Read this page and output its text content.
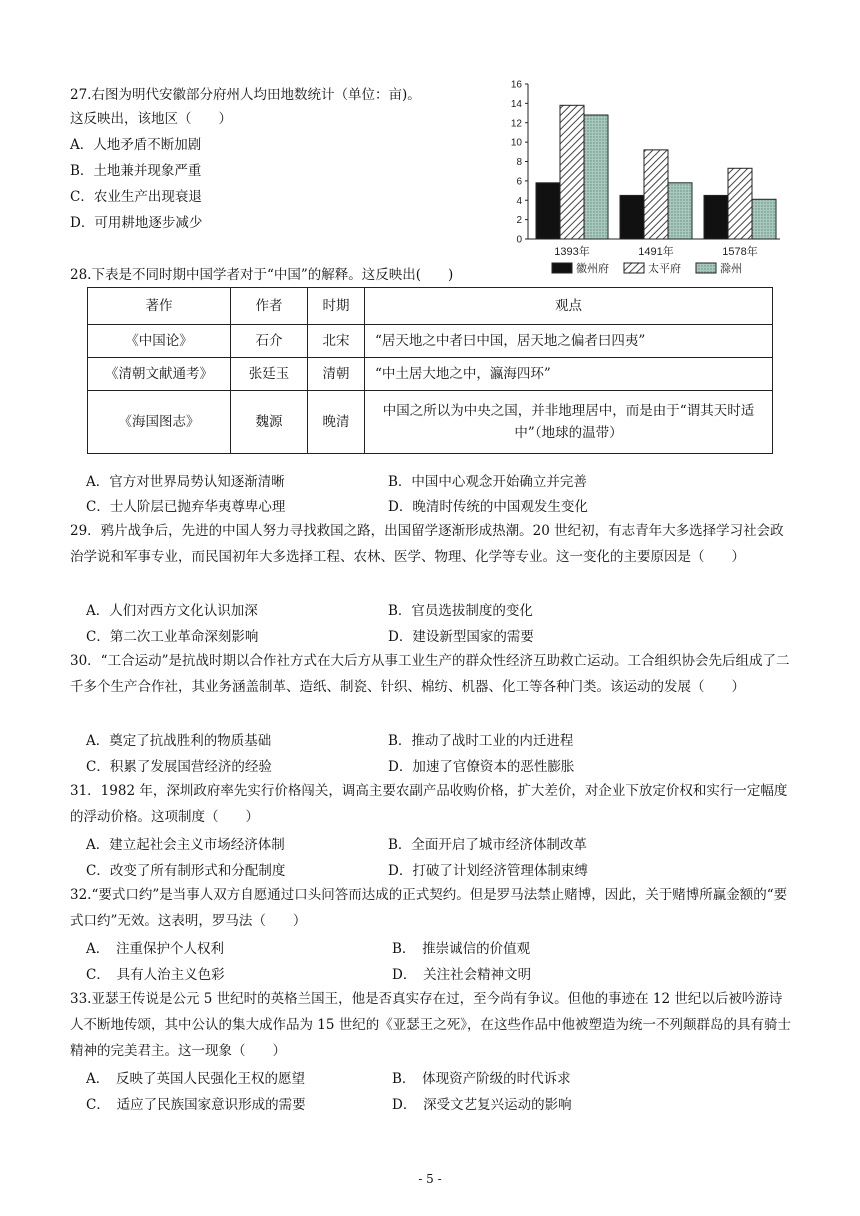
27.右图为明代安徽部分府州人均田地数统计（单位：亩)。
这反映出，该地区（　　）
A．人地矛盾不断加剧
B．土地兼并现象严重
C．农业生产出现衰退
D．可用耕地逐步减少
0
2
4
6
8
10
12
14
16
1393年	1491年	1578年
徽州府	太平府	滁州
28.下表是不同时期中国学者对于“中国”的解释。这反映出(　　)
著作	作者	时期	观点
《中国论》	石介	北宋	“居天地之中者曰中国，居天地之偏者曰四夷”
《清朝文献通考》	张廷玉	清朝	“中土居大地之中，瀛海四环”
《海国图志》	魏源	晚清	中国之所以为中央之国，并非地理居中，而是由于“谓其天时适中”（地球的温带）
A．官方对世界局势认知逐渐清晰	B．中国中心观念开始确立并完善
C．士人阶层已抛弃华夷尊卑心理	D．晚清时传统的中国观发生变化
29．鸦片战争后，先进的中国人努力寻找救国之路，出国留学逐渐形成热潮。20 世纪初，有志青年大多选择学习社会政治学说和军事专业，而民国初年大多选择工程、农林、医学、物理、化学等专业。这一变化的主要原因是（　　）
A．人们对西方文化认识加深	B．官员选拔制度的变化
C．第二次工业革命深刻影响	D．建设新型国家的需要
30．“工合运动”是抗战时期以合作社方式在大后方从事工业生产的群众性经济互助救亡运动。工合组织协会先后组成了二千多个生产合作社，其业务涵盖制革、造纸、制瓷、针织、棉纺、机器、化工等各种门类。该运动的发展（　　）
A．奠定了抗战胜利的物质基础	B．推动了战时工业的内迁进程
C．积累了发展国营经济的经验	D．加速了官僚资本的恶性膨胀
31．1982 年，深圳政府率先实行价格闯关，调高主要农副产品收购价格，扩大差价，对企业下放定价权和实行一定幅度的浮动价格。这项制度（　　）
A．建立起社会主义市场经济体制	B．全面开启了城市经济体制改革
C．改变了所有制形式和分配制度	D．打破了计划经济管理体制束缚
32.“要式口约”是当事人双方自愿通过口头问答而达成的正式契约。但是罗马法禁止赌博，因此，关于赌博所赢金额的“要式口约”无效。这表明，罗马法（　　）
A．　注重保护个人权利	B．　推崇诚信的价值观
C．　具有人治主义色彩	D．　关注社会精神文明
33.亚瑟王传说是公元 5 世纪时的英格兰国王，他是否真实存在过，至今尚有争议。但他的事迹在 12 世纪以后被吟游诗人不断地传颂，其中公认的集大成作品为 15 世纪的《亚瑟王之死》，在这些作品中他被塑造为统一不列颠群岛的具有骑士精神的完美君主。这一现象（　　）
A．　反映了英国人民强化王权的愿望	B．　体现资产阶级的时代诉求
C．　适应了民族国家意识形成的需要	D．　深受文艺复兴运动的影响
- 5 -
